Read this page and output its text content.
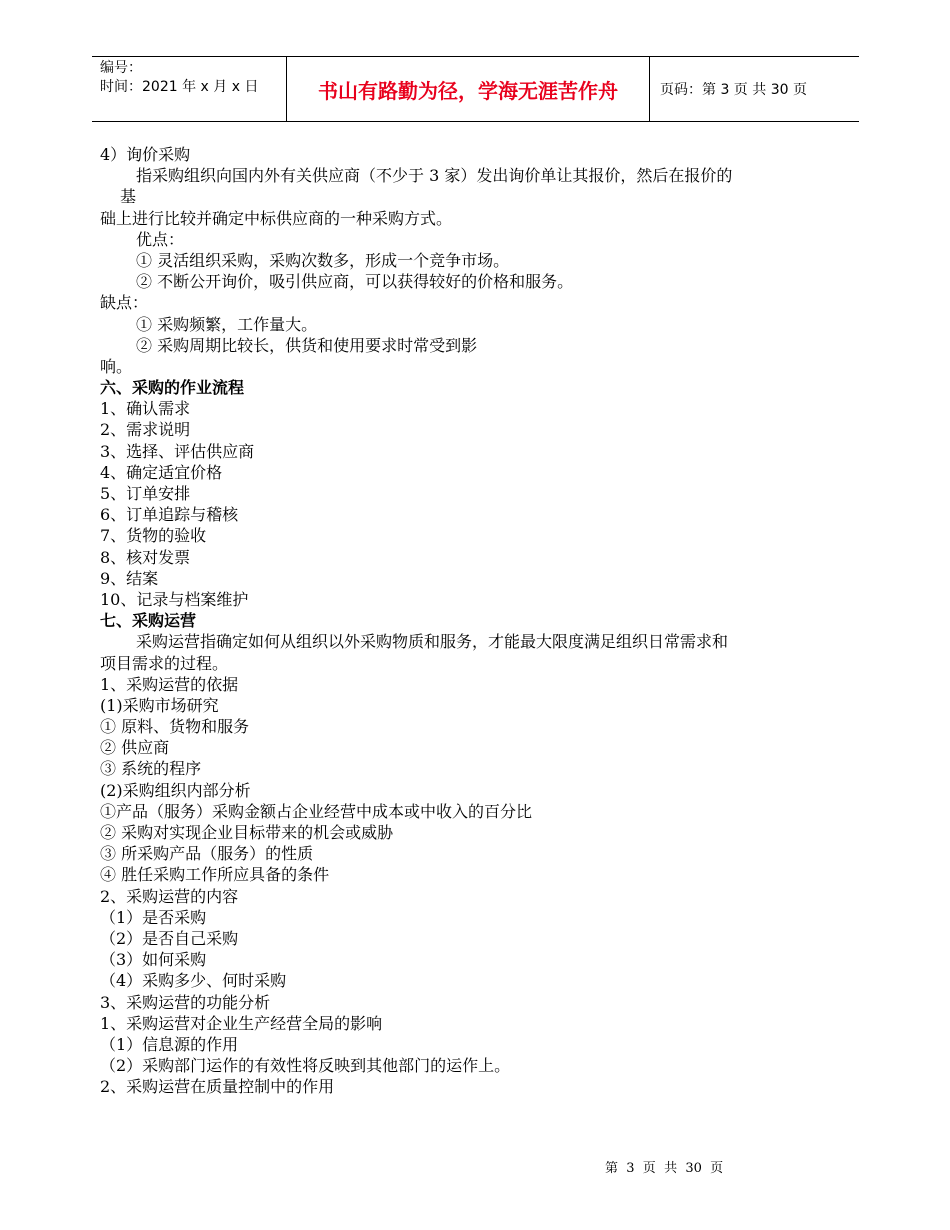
编号：
时间：2021 年 x 月 x 日	书山有路勤为径，学海无涯苦作舟	页码：第 3 页 共 30 页
4）询价采购
指采购组织向国内外有关供应商（不少于 3 家）发出询价单让其报价，然后在报价的
基
础上进行比较并确定中标供应商的一种采购方式。
优点：
① 灵活组织采购，采购次数多，形成一个竞争市场。
② 不断公开询价，吸引供应商，可以获得较好的价格和服务。
缺点：
① 采购频繁，工作量大。
② 采购周期比较长，供货和使用要求时常受到影
响。
六、采购的作业流程
1、确认需求
2、需求说明
3、选择、评估供应商
4、确定适宜价格
5、订单安排
6、订单追踪与稽核
7、货物的验收
8、核对发票
9、结案
10、记录与档案维护
七、采购运营
采购运营指确定如何从组织以外采购物质和服务，才能最大限度满足组织日常需求和
项目需求的过程。
1、采购运营的依据
(1)采购市场研究
① 原料、货物和服务
② 供应商
③ 系统的程序
(2)采购组织内部分析
①产品（服务）采购金额占企业经营中成本或中收入的百分比
② 采购对实现企业目标带来的机会或威胁
③ 所采购产品（服务）的性质
④ 胜任采购工作所应具备的条件
2、采购运营的内容
（1）是否采购
（2）是否自己采购
（3）如何采购
（4）采购多少、何时采购
3、采购运营的功能分析
1、采购运营对企业生产经营全局的影响
（1）信息源的作用
（2）采购部门运作的有效性将反映到其他部门的运作上。
2、采购运营在质量控制中的作用
第  3  页  共  30  页
